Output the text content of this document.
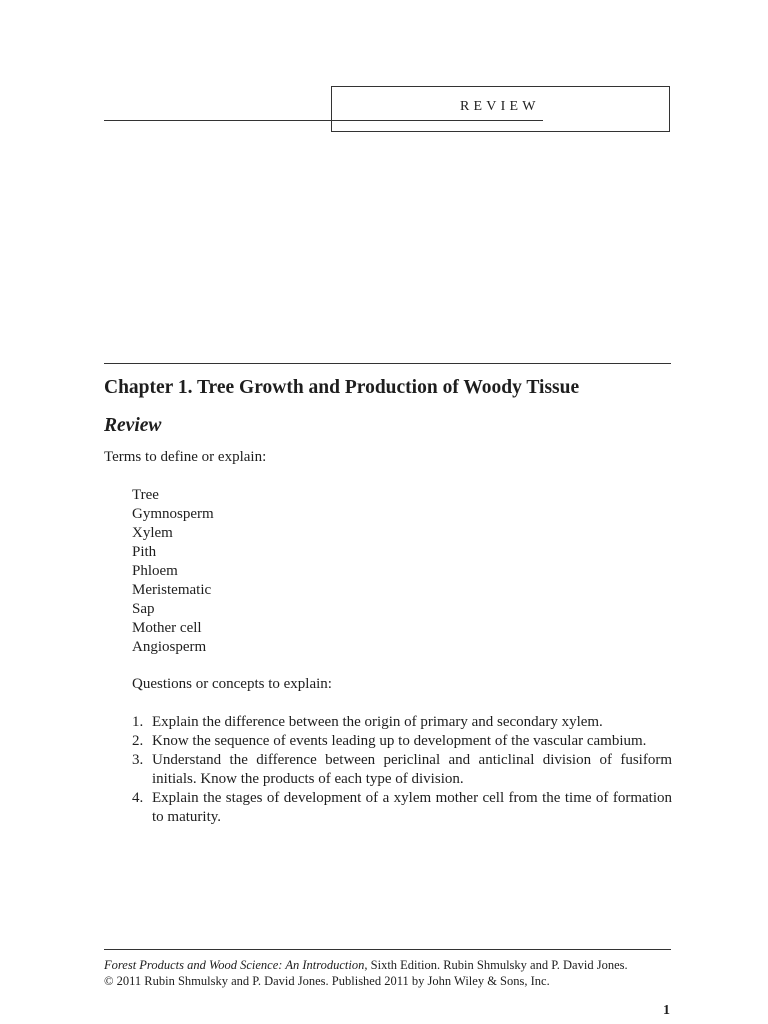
REVIEW
Chapter 1. Tree Growth and Production of Woody Tissue
Review
Terms to define or explain:
Tree
Gymnosperm
Xylem
Pith
Phloem
Meristematic
Sap
Mother cell
Angiosperm
Questions or concepts to explain:
1. Explain the difference between the origin of primary and secondary xylem.
2. Know the sequence of events leading up to development of the vascular cambium.
3. Understand the difference between periclinal and anticlinal division of fusiform initials. Know the products of each type of division.
4. Explain the stages of development of a xylem mother cell from the time of formation to maturity.
Forest Products and Wood Science: An Introduction, Sixth Edition. Rubin Shmulsky and P. David Jones.
© 2011 Rubin Shmulsky and P. David Jones. Published 2011 by John Wiley & Sons, Inc.
1
